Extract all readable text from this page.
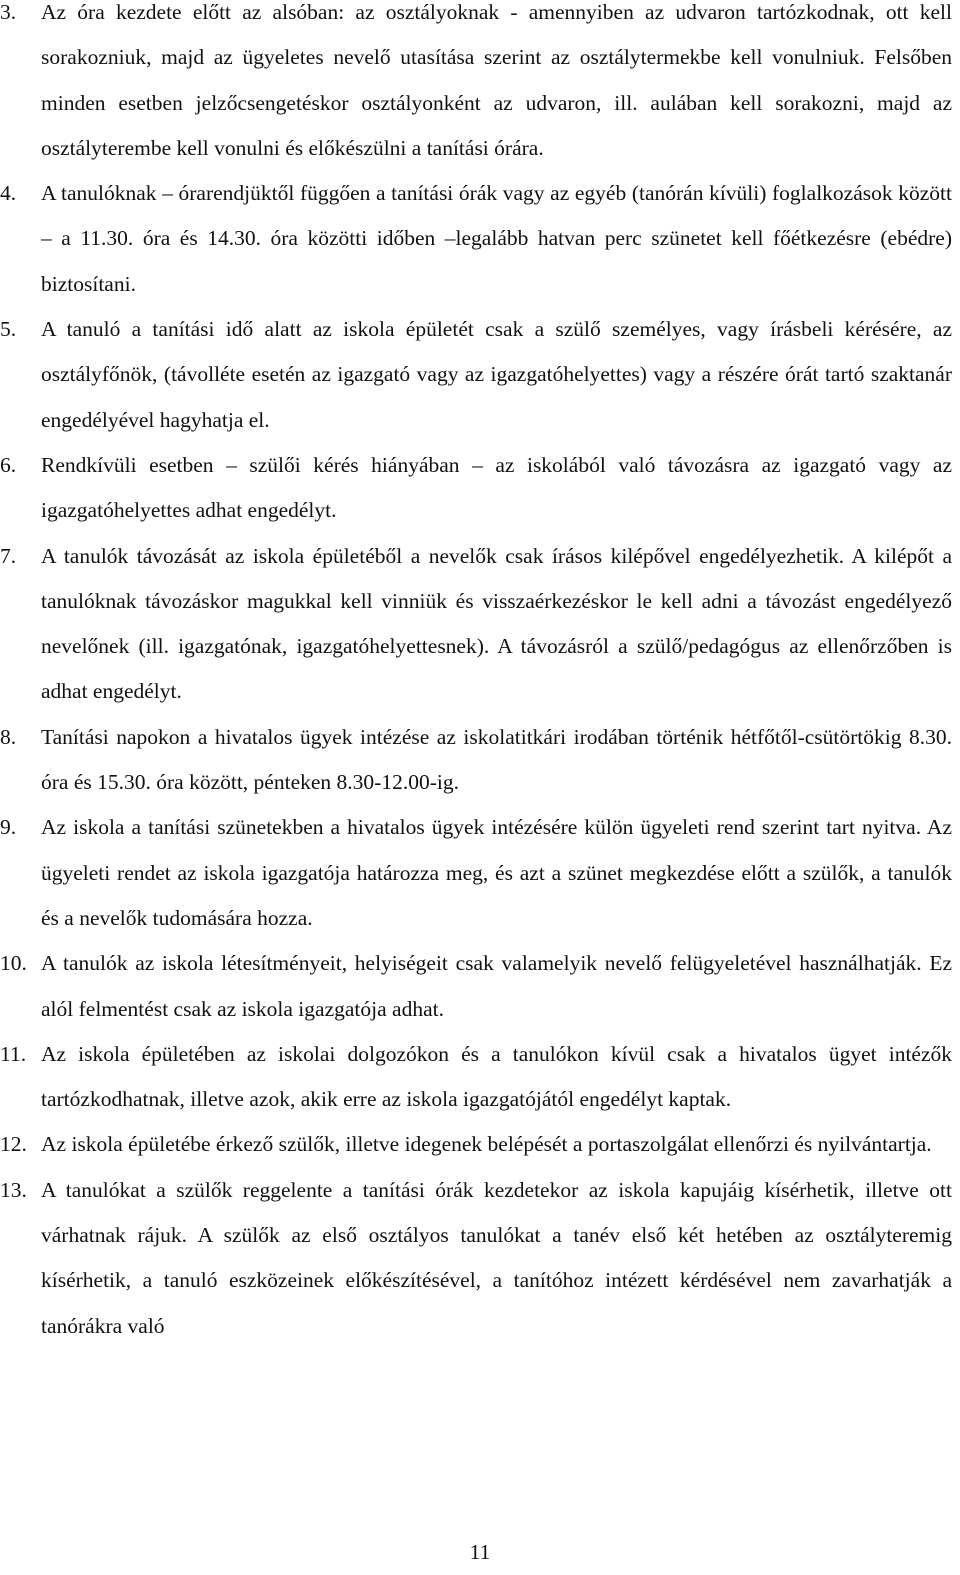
3.	Az óra kezdete előtt az alsóban: az osztályoknak - amennyiben az udvaron tartózkodnak, ott kell sorakozniuk, majd az ügyeletes nevelő utasítása szerint az osztálytermekbe kell vonulniuk. Felsőben minden esetben jelzőcsengetéskor osztályonként az udvaron, ill. aulában kell sorakozni, majd az osztályterembe kell vonulni és előkészülni a tanítási órára.
4.	A tanulóknak – órarendjüktől függően a tanítási órák vagy az egyéb (tanórán kívüli) foglalkozások között – a 11.30. óra és 14.30. óra közötti időben –legalább hatvan perc szünetet kell főétkezésre (ebédre) biztosítani.
5.	A tanuló a tanítási idő alatt az iskola épületét csak a szülő személyes, vagy írásbeli kérésére, az osztályfőnök, (távolléte esetén az igazgató vagy az igazgatóhelyettes) vagy a részére órát tartó szaktanár engedélyével hagyhatja el.
6.	Rendkívüli esetben – szülői kérés hiányában – az iskolából való távozásra az igazgató vagy az igazgatóhelyettes adhat engedélyt.
7.	A tanulók távozását az iskola épületéből a nevelők csak írásos kilépővel engedélyezhetik. A kilépőt a tanulóknak távozáskor magukkal kell vinniük és visszaérkezéskor le kell adni a távozást engedélyező nevelőnek (ill. igazgatónak, igazgatóhelyettesnek). A távozásról a szülő/pedagógus az ellenőrzőben is adhat engedélyt.
8.	Tanítási napokon a hivatalos ügyek intézése az iskolatitkári irodában történik hétfőtől-csütörtökig 8.30. óra és 15.30. óra között, pénteken 8.30-12.00-ig.
9.	Az iskola a tanítási szünetekben a hivatalos ügyek intézésére külön ügyeleti rend szerint tart nyitva. Az ügyeleti rendet az iskola igazgatója határozza meg, és azt a szünet megkezdése előtt a szülők, a tanulók és a nevelők tudomására hozza.
10. A tanulók az iskola létesítményeit, helyiségeit csak valamelyik nevelő felügyeletével használhatják. Ez alól felmentést csak az iskola igazgatója adhat.
11. Az iskola épületében az iskolai dolgozókon és a tanulókon kívül csak a hivatalos ügyet intézők tartózkodhatnak, illetve azok, akik erre az iskola igazgatójától engedélyt kaptak.
12. Az iskola épületébe érkező szülők, illetve idegenek belépését a portaszolgálat ellenőrzi és nyilvántartja.
13. A tanulókat a szülők reggelente a tanítási órák kezdetekor az iskola kapujáig kísérhetik, illetve ott várhatnak rájuk. A szülők az első osztályos tanulókat a tanév első két hetében az osztályteremig kísérhetik, a tanuló eszközeinek előkészítésével, a tanítóhoz intézett kérdésével nem zavarhatják a tanórákra való
11
